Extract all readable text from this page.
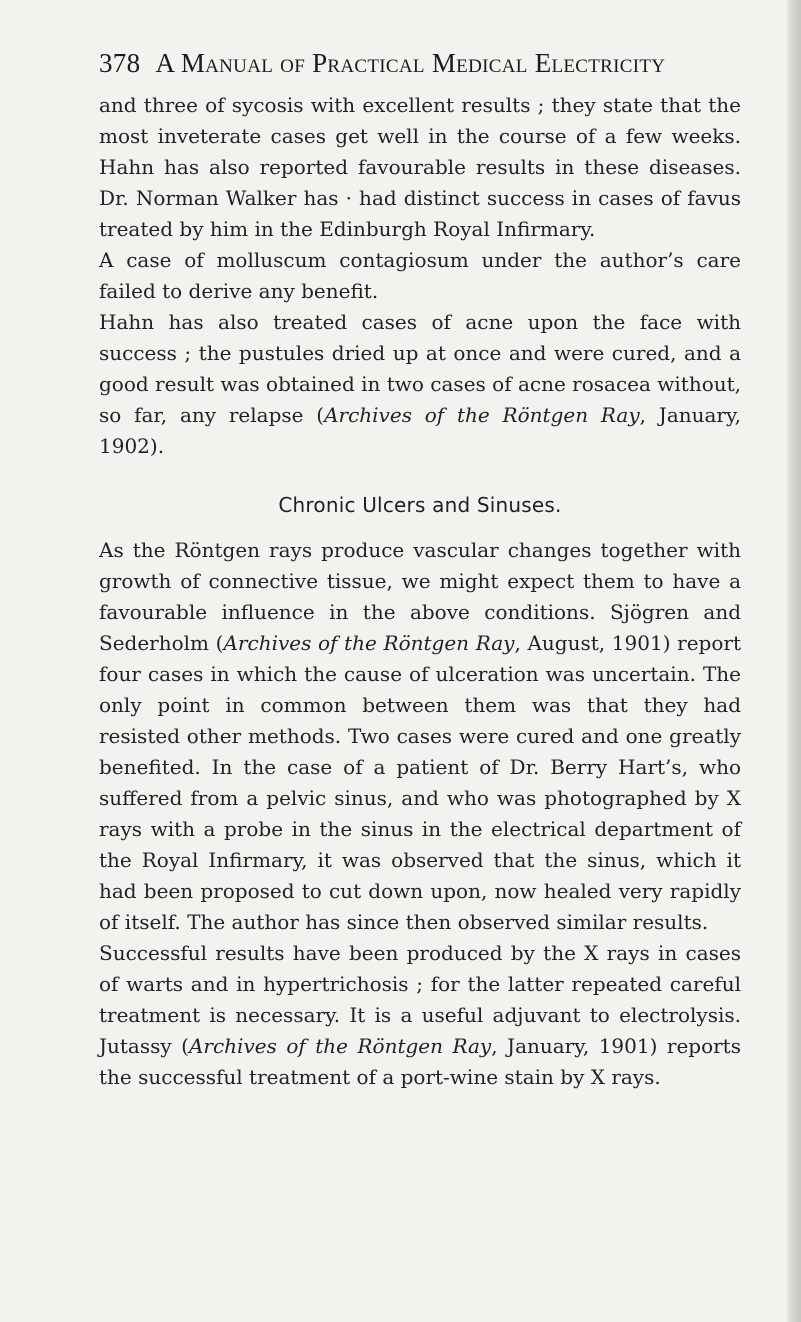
378 A Manual of Practical Medical Electricity

and three of sycosis with excellent results ; they state that the most inveterate cases get well in the course of a few weeks. Hahn has also reported favourable results in these diseases. Dr. Norman Walker has · had distinct success in cases of favus treated by him in the Edinburgh Royal Infirmary.

A case of molluscum contagiosum under the author’s care failed to derive any benefit.

Hahn has also treated cases of acne upon the face with success ; the pustules dried up at once and were cured, and a good result was obtained in two cases of acne rosacea without, so far, any relapse (Archives of the Röntgen Ray, January, 1902).

Chronic Ulcers and Sinuses.

As the Röntgen rays produce vascular changes together with growth of connective tissue, we might expect them to have a favourable influence in the above conditions. Sjögren and Sederholm (Archives of the Röntgen Ray, August, 1901) report four cases in which the cause of ulceration was uncertain. The only point in common between them was that they had resisted other methods. Two cases were cured and one greatly benefited. In the case of a patient of Dr. Berry Hart’s, who suffered from a pelvic sinus, and who was photographed by X rays with a probe in the sinus in the electrical department of the Royal Infirmary, it was observed that the sinus, which it had been proposed to cut down upon, now healed very rapidly of itself. The author has since then observed similar results.

Successful results have been produced by the X rays in cases of warts and in hypertrichosis ; for the latter repeated careful treatment is necessary. It is a useful adjuvant to electrolysis. Jutassy (Archives of the Röntgen Ray, January, 1901) reports the successful treatment of a port-wine stain by X rays.
